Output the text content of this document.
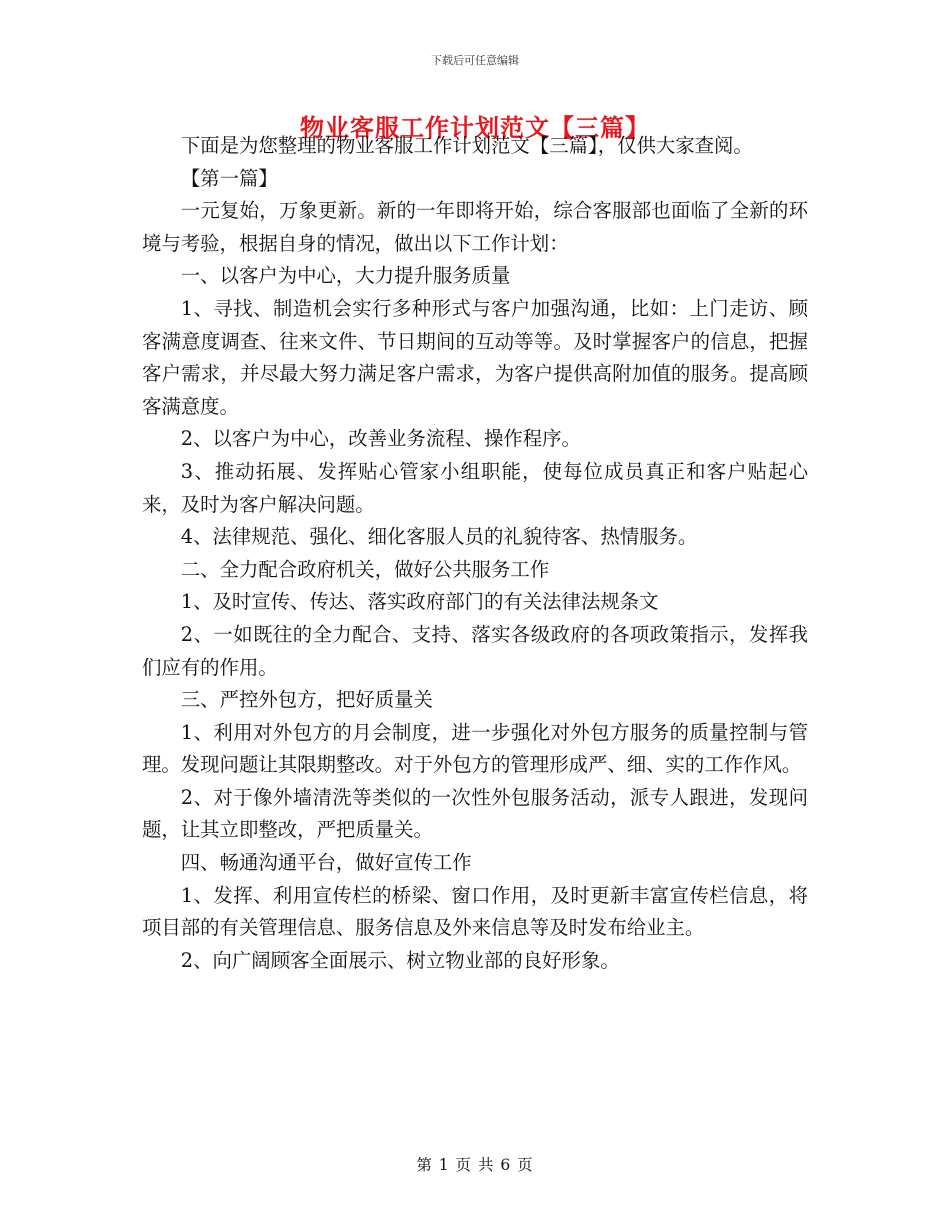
下载后可任意编辑
物业客服工作计划范文【三篇】

下面是为您整理的物业客服工作计划范文【三篇】，仅供大家查阅。

【第一篇】

一元复始，万象更新。新的一年即将开始，综合客服部也面临了全新的环境与考验，根据自身的情况，做出以下工作计划：

一、以客户为中心，大力提升服务质量

1、寻找、制造机会实行多种形式与客户加强沟通，比如：上门走访、顾客满意度调查、往来文件、节日期间的互动等等。及时掌握客户的信息，把握客户需求，并尽最大努力满足客户需求，为客户提供高附加值的服务。提高顾客满意度。

2、以客户为中心，改善业务流程、操作程序。

3、推动拓展、发挥贴心管家小组职能，使每位成员真正和客户贴起心来，及时为客户解决问题。

4、法律规范、强化、细化客服人员的礼貌待客、热情服务。

二、全力配合政府机关，做好公共服务工作

1、及时宣传、传达、落实政府部门的有关法律法规条文

2、一如既往的全力配合、支持、落实各级政府的各项政策指示，发挥我们应有的作用。

三、严控外包方，把好质量关

1、利用对外包方的月会制度，进一步强化对外包方服务的质量控制与管理。发现问题让其限期整改。对于外包方的管理形成严、细、实的工作作风。

2、对于像外墙清洗等类似的一次性外包服务活动，派专人跟进，发现问题，让其立即整改，严把质量关。

四、畅通沟通平台，做好宣传工作

1、发挥、利用宣传栏的桥梁、窗口作用，及时更新丰富宣传栏信息，将项目部的有关管理信息、服务信息及外来信息等及时发布给业主。

2、向广阔顾客全面展示、树立物业部的良好形象。

第 1 页 共 6 页
